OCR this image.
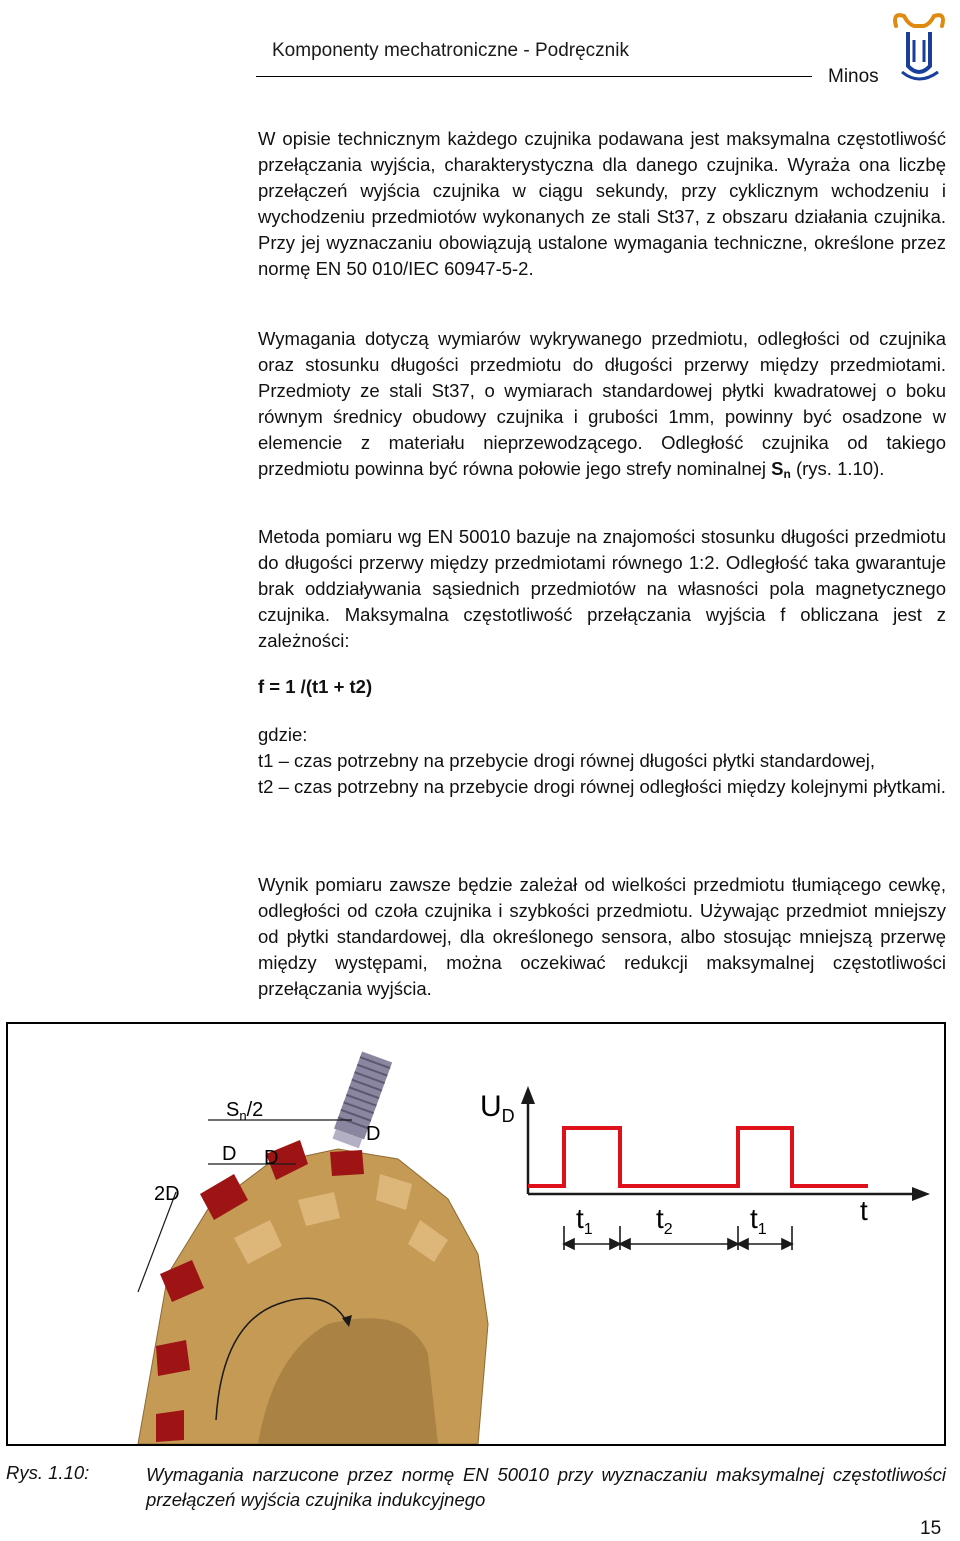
Komponenty mechatroniczne - Podręcznik
Minos
W opisie technicznym każdego czujnika podawana jest maksymalna częstotliwość przełączania wyjścia, charakterystyczna dla danego czujnika. Wyraża ona liczbę przełączeń wyjścia czujnika w ciągu sekundy, przy cyklicznym wchodzeniu i wychodzeniu przedmiotów wykonanych ze stali St37, z obszaru działania czujnika. Przy jej wyznaczaniu obowiązują ustalone wymagania techniczne, określone przez normę EN 50 010/IEC 60947-5-2.
Wymagania dotyczą wymiarów wykrywanego przedmiotu, odległości od czujnika oraz stosunku długości przedmiotu do długości przerwy między przedmiotami. Przedmioty ze stali St37, o wymiarach standardowej płytki kwadratowej o boku równym średnicy obudowy czujnika i grubości 1mm, powinny być osadzone w elemencie z materiału nieprzewodzącego. Odległość czujnika od takiego przedmiotu powinna być równa połowie jego strefy nominalnej $S_n$ (rys. 1.10).
Metoda pomiaru wg EN 50010 bazuje na znajomości stosunku długości przedmiotu do długości przerwy między przedmiotami równego 1:2. Odległość taka gwarantuje brak oddziaływania sąsiednich przedmiotów na własności pola magnetycznego czujnika. Maksymalna częstotliwość przełączania wyjścia f obliczana jest z zależności:
f = 1 /(t1 + t2)
gdzie:
t1 – czas potrzebny na przebycie drogi równej długości płytki standardowej,
t2 – czas potrzebny na przebycie drogi równej odległości między kolejnymi płytkami.
Wynik pomiaru zawsze będzie zależał od wielkości przedmiotu tłumiącego cewkę, odległości od czoła czujnika i szybkości przedmiotu. Używając przedmiot mniejszy od płytki standardowej, dla określonego sensora, albo stosując mniejszą przerwę między występami, można oczekiwać redukcji maksymalnej częstotliwości przełączania wyjścia.
$S_n/2$
D D
D
2D
$U_D$
t
$t_1$ $t_2$	$t_1$
Rys. 1.10:	Wymagania narzucone przez normę EN 50010 przy wyznaczaniu maksymalnej częstotliwości przełączeń wyjścia czujnika indukcyjnego
15
